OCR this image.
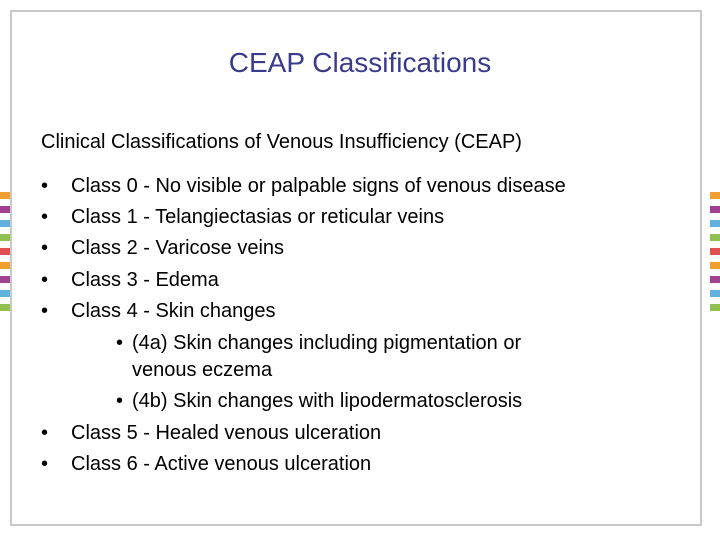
CEAP Classifications
Clinical Classifications of Venous Insufficiency (CEAP)
• Class 0 - No visible or palpable signs of venous disease
• Class 1 - Telangiectasias or reticular veins
• Class 2 - Varicose veins
• Class 3 - Edema
• Class 4 - Skin changes
• (4a) Skin changes including pigmentation or
venous eczema
• (4b) Skin changes with lipodermatosclerosis
• Class 5 - Healed venous ulceration
• Class 6 - Active venous ulceration
